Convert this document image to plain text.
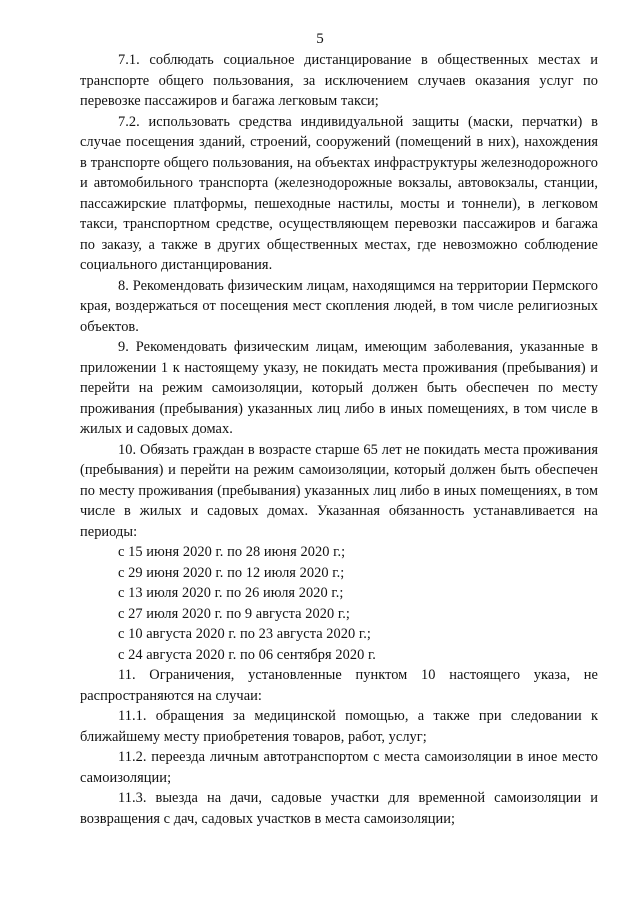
5

7.1. соблюдать социальное дистанцирование в общественных местах и транспорте общего пользования, за исключением случаев оказания услуг по перевозке пассажиров и багажа легковым такси;

7.2. использовать средства индивидуальной защиты (маски, перчатки) в случае посещения зданий, строений, сооружений (помещений в них), нахождения в транспорте общего пользования, на объектах инфраструктуры железнодорожного и автомобильного транспорта (железнодорожные вокзалы, автовокзалы, станции, пассажирские платформы, пешеходные настилы, мосты и тоннели), в легковом такси, транспортном средстве, осуществляющем перевозки пассажиров и багажа по заказу, а также в других общественных местах, где невозможно соблюдение социального дистанцирования.

8. Рекомендовать физическим лицам, находящимся на территории Пермского края, воздержаться от посещения мест скопления людей, в том числе религиозных объектов.

9. Рекомендовать физическим лицам, имеющим заболевания, указанные в приложении 1 к настоящему указу, не покидать места проживания (пребывания) и перейти на режим самоизоляции, который должен быть обеспечен по месту проживания (пребывания) указанных лиц либо в иных помещениях, в том числе в жилых и садовых домах.

10. Обязать граждан в возрасте старше 65 лет не покидать места проживания (пребывания) и перейти на режим самоизоляции, который должен быть обеспечен по месту проживания (пребывания) указанных лиц либо в иных помещениях, в том числе в жилых и садовых домах. Указанная обязанность устанавливается на периоды:

с 15 июня 2020 г. по 28 июня 2020 г.;

с 29 июня 2020 г. по 12 июля 2020 г.;

с 13 июля 2020 г. по 26 июля 2020 г.;

с 27 июля 2020 г. по 9 августа 2020 г.;

с 10 августа 2020 г. по 23 августа 2020 г.;

с 24 августа 2020 г. по 06 сентября 2020 г.

11. Ограничения, установленные пунктом 10 настоящего указа, не распространяются на случаи:

11.1. обращения за медицинской помощью, а также при следовании к ближайшему месту приобретения товаров, работ, услуг;

11.2. переезда личным автотранспортом с места самоизоляции в иное место самоизоляции;

11.3. выезда на дачи, садовые участки для временной самоизоляции и возвращения с дач, садовых участков в места самоизоляции;
